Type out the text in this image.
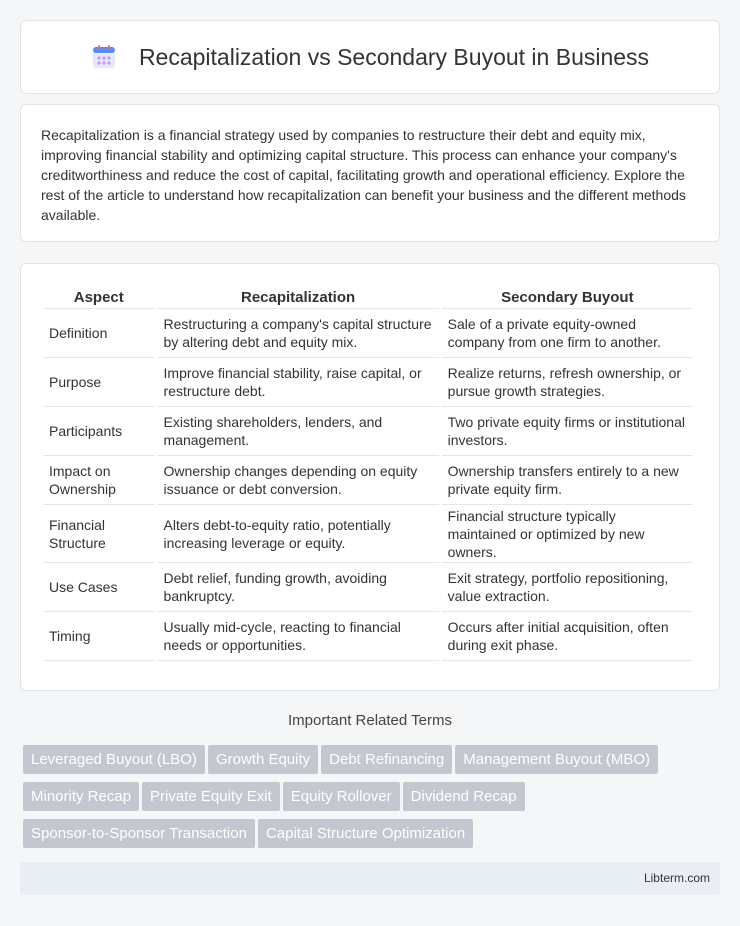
Recapitalization vs Secondary Buyout in Business

Recapitalization is a financial strategy used by companies to restructure their debt and equity mix, improving financial stability and optimizing capital structure. This process can enhance your company's creditworthiness and reduce the cost of capital, facilitating growth and operational efficiency. Explore the rest of the article to understand how recapitalization can benefit your business and the different methods available.

Aspect	Recapitalization	Secondary Buyout
Definition	Restructuring a company's capital structure by altering debt and equity mix.	Sale of a private equity-owned company from one firm to another.
Purpose	Improve financial stability, raise capital, or restructure debt.	Realize returns, refresh ownership, or pursue growth strategies.
Participants	Existing shareholders, lenders, and management.	Two private equity firms or institutional investors.
Impact on Ownership	Ownership changes depending on equity issuance or debt conversion.	Ownership transfers entirely to a new private equity firm.
Financial Structure	Alters debt-to-equity ratio, potentially increasing leverage or equity.	Financial structure typically maintained or optimized by new owners.
Use Cases	Debt relief, funding growth, avoiding bankruptcy.	Exit strategy, portfolio repositioning, value extraction.
Timing	Usually mid-cycle, reacting to financial needs or opportunities.	Occurs after initial acquisition, often during exit phase.
Important Related Terms
Leveraged Buyout (LBO) Growth Equity Debt Refinancing Management Buyout (MBO)
Minority Recap Private Equity Exit Equity Rollover Dividend Recap
Sponsor-to-Sponsor Transaction Capital Structure Optimization
Libterm.com
